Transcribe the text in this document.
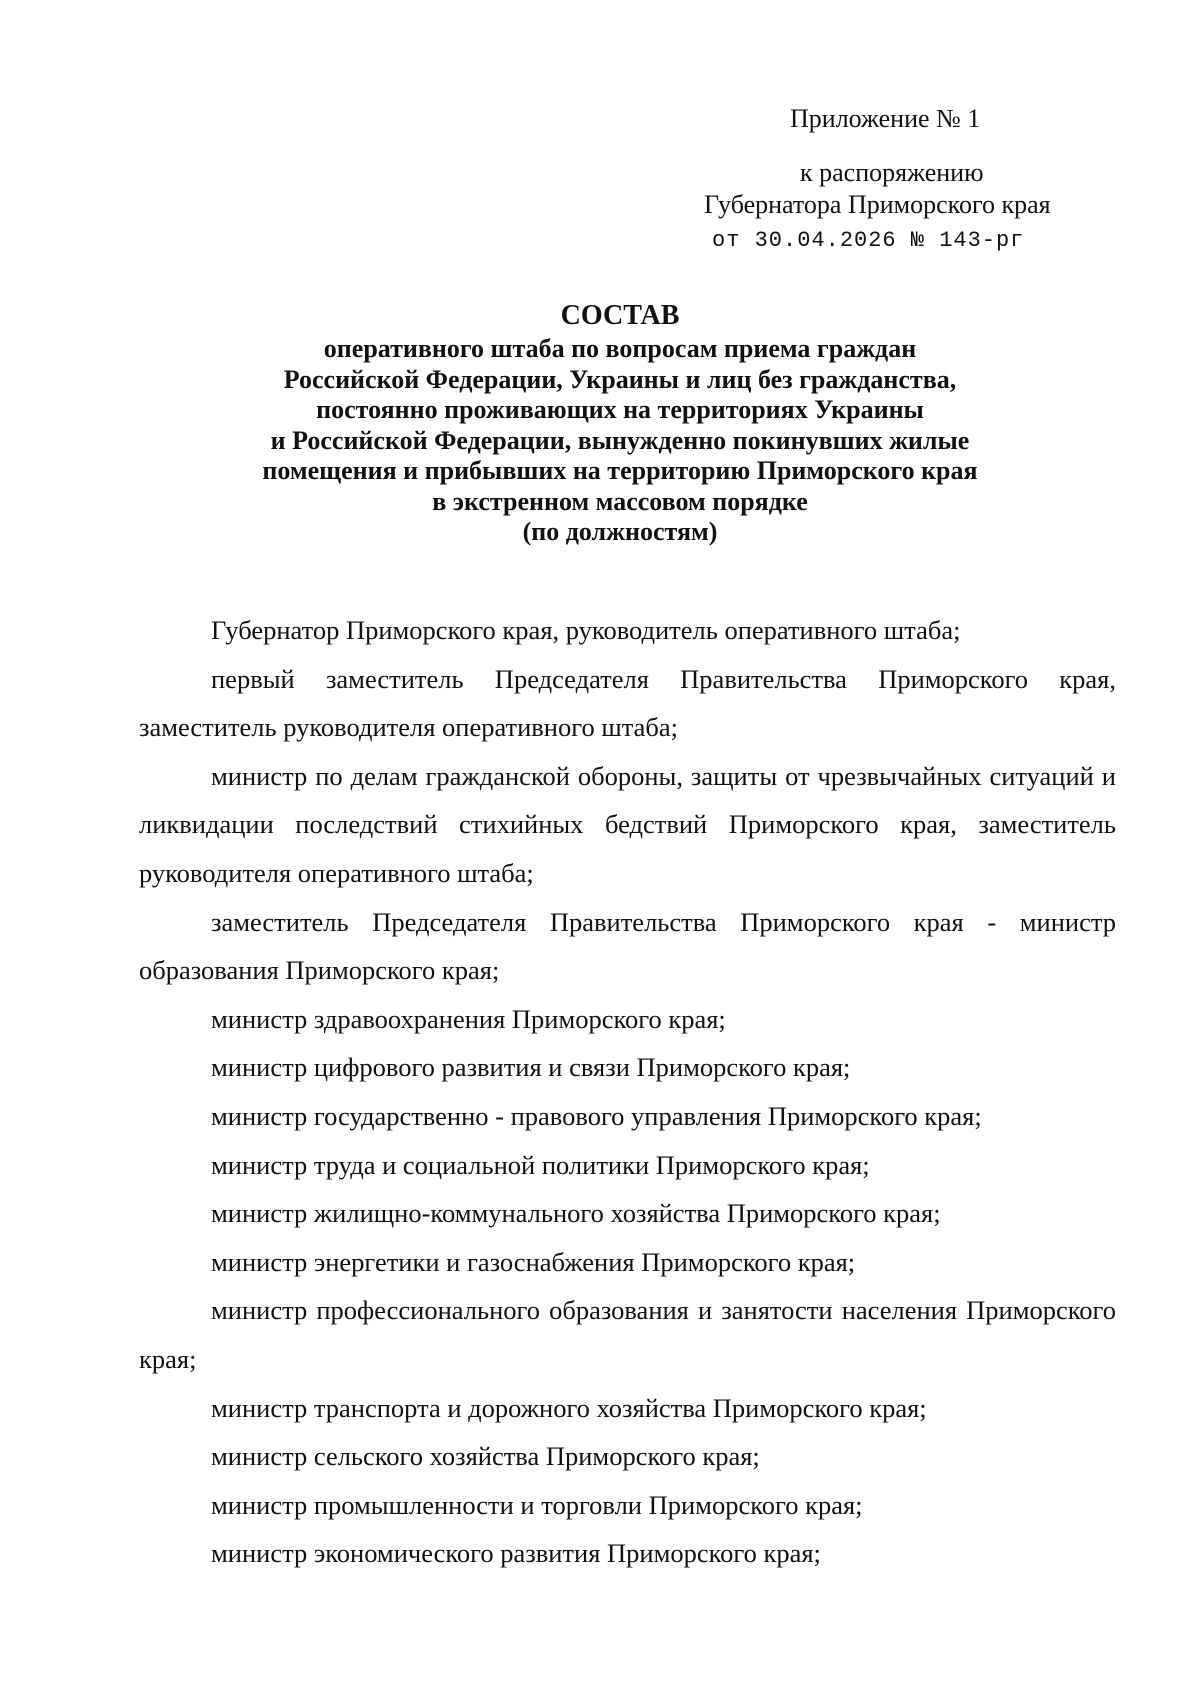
Приложение № 1
к распоряжению
Губернатора Приморского края
от 30.04.2026 № 143-рг
СОСТАВ
оперативного штаба по вопросам приема граждан
Российской Федерации, Украины и лиц без гражданства,
постоянно проживающих на территориях Украины
и Российской Федерации, вынужденно покинувших жилые
помещения и прибывших на территорию Приморского края
в экстренном массовом порядке
(по должностям)

Губернатор Приморского края, руководитель оперативного штаба;

первый заместитель Председателя Правительства Приморского края, заместитель руководителя оперативного штаба;

министр по делам гражданской обороны, защиты от чрезвычайных ситуаций и ликвидации последствий стихийных бедствий Приморского края, заместитель руководителя оперативного штаба;

заместитель Председателя Правительства Приморского края - министр образования Приморского края;

министр здравоохранения Приморского края;

министр цифрового развития и связи Приморского края;

министр государственно - правового управления Приморского края;

министр труда и социальной политики Приморского края;

министр жилищно-коммунального хозяйства Приморского края;

министр энергетики и газоснабжения Приморского края;

министр профессионального образования и занятости населения Приморского края;

министр транспорта и дорожного хозяйства Приморского края;

министр сельского хозяйства Приморского края;

министр промышленности и торговли Приморского края;

министр экономического развития Приморского края;
